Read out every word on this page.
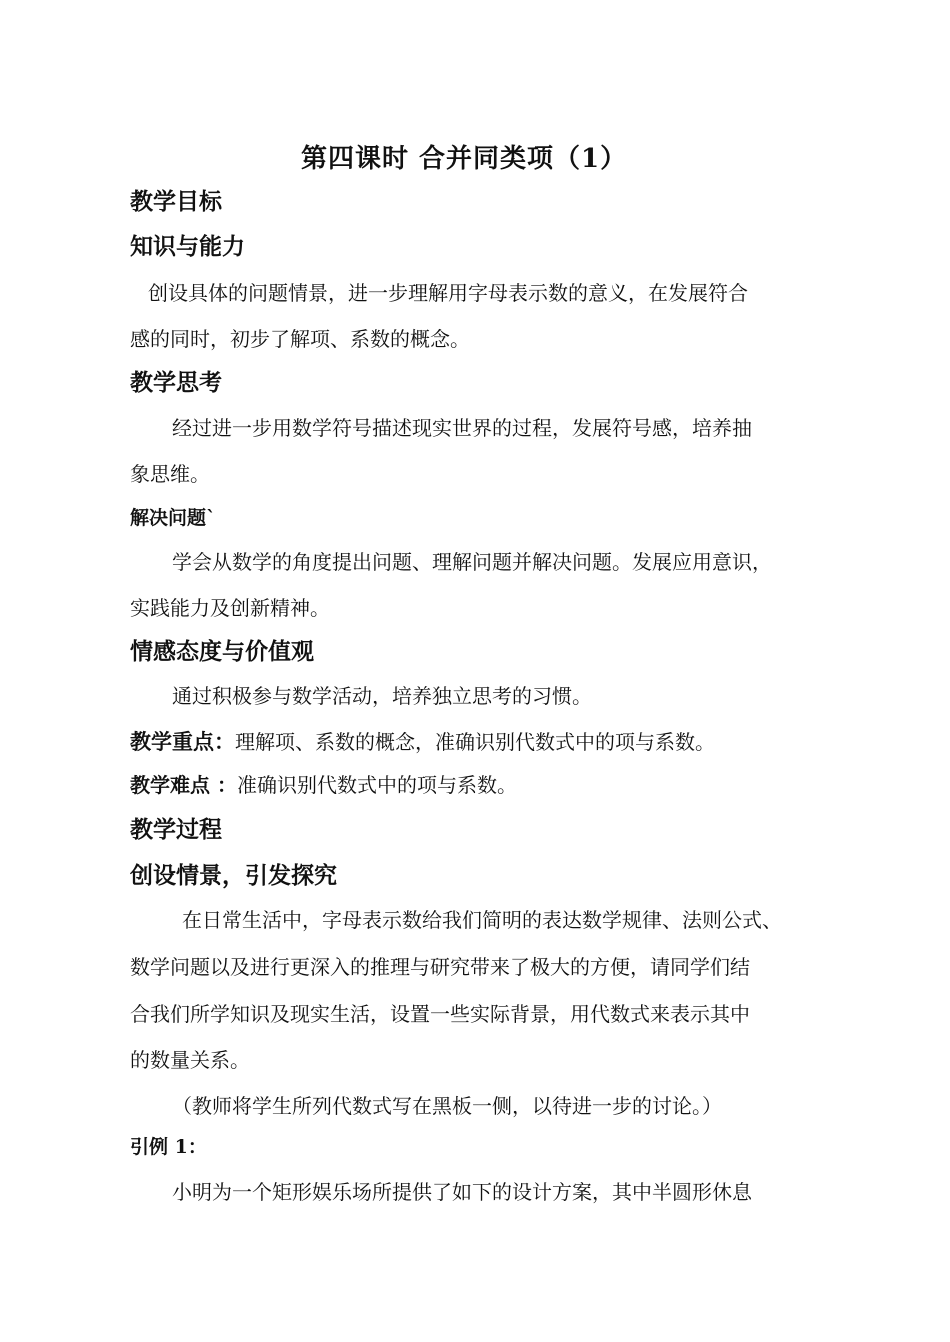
第四课时 合并同类项（1）
教学目标
知识与能力
创设具体的问题情景，进一步理解用字母表示数的意义，在发展符合
感的同时，初步了解项、系数的概念。
教学思考
经过进一步用数学符号描述现实世界的过程，发展符号感，培养抽
象思维。
解决问题`
学会从数学的角度提出问题、理解问题并解决问题。发展应用意识，
实践能力及创新精神。
情感态度与价值观
通过积极参与数学活动，培养独立思考的习惯。
教学重点：理解项、系数的概念，准确识别代数式中的项与系数。
教学难点 ：准确识别代数式中的项与系数。
教学过程
创设情景，引发探究
在日常生活中，字母表示数给我们简明的表达数学规律、法则公式、
数学问题以及进行更深入的推理与研究带来了极大的方便，请同学们结
合我们所学知识及现实生活，设置一些实际背景，用代数式来表示其中
的数量关系。
（教师将学生所列代数式写在黑板一侧，以待进一步的讨论。）
引例 1：
小明为一个矩形娱乐场所提供了如下的设计方案，其中半圆形休息
